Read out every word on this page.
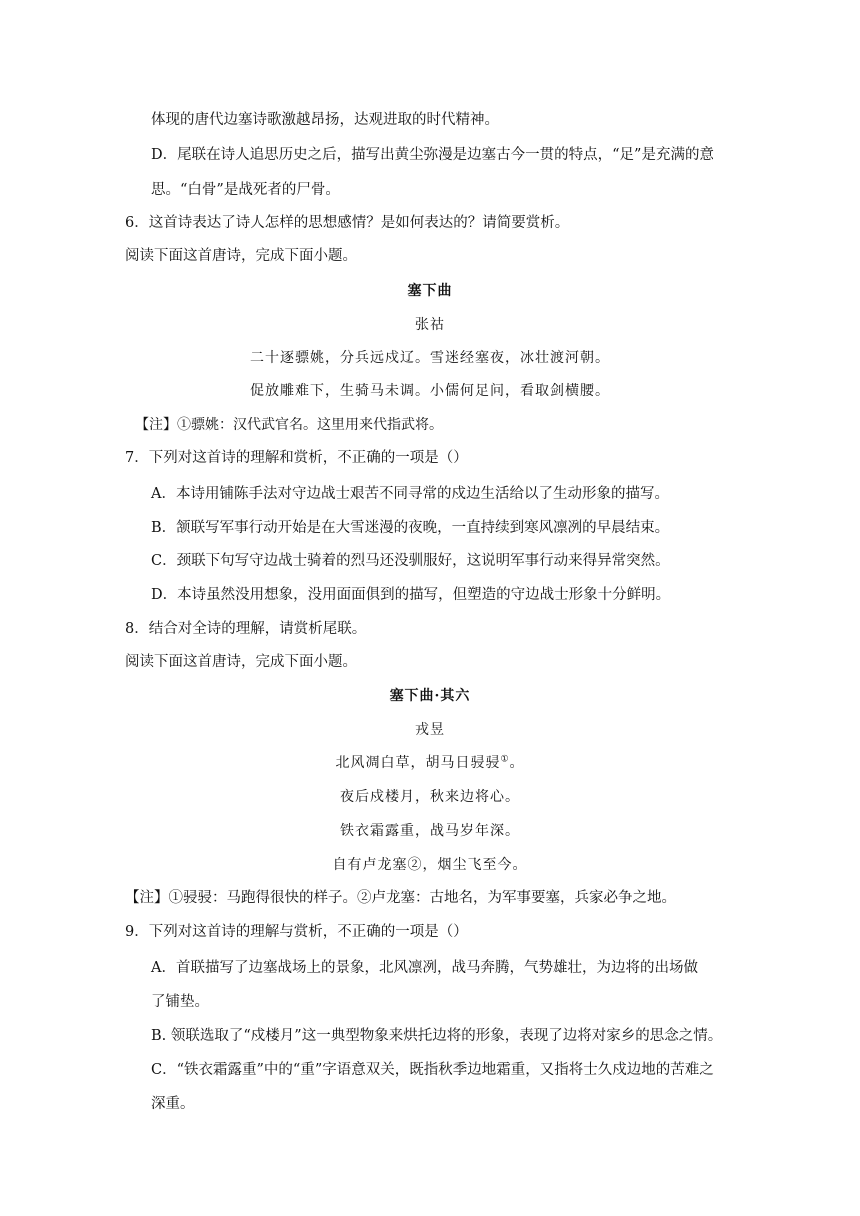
体现的唐代边塞诗歌激越昂扬，达观进取的时代精神。
D．尾联在诗人追思历史之后，描写出黄尘弥漫是边塞古今一贯的特点，“足”是充满的意
思。“白骨”是战死者的尸骨。
6．这首诗表达了诗人怎样的思想感情？是如何表达的？请简要赏析。
阅读下面这首唐诗，完成下面小题。
塞下曲
张祜
二十逐骠姚，分兵远戍辽。雪迷经塞夜，冰壮渡河朝。
促放雕难下，生骑马未调。小儒何足问，看取剑横腰。
【注】①骠姚：汉代武官名。这里用来代指武将。
7．下列对这首诗的理解和赏析，不正确的一项是（）
A．本诗用铺陈手法对守边战士艰苦不同寻常的戍边生活给以了生动形象的描写。
B．颔联写军事行动开始是在大雪迷漫的夜晚，一直持续到寒风凛冽的早晨结束。
C．颈联下句写守边战士骑着的烈马还没驯服好，这说明军事行动来得异常突然。
D．本诗虽然没用想象，没用面面俱到的描写，但塑造的守边战士形象十分鲜明。
8．结合对全诗的理解，请赏析尾联。
阅读下面这首唐诗，完成下面小题。
塞下曲·其六
戎昱
北风凋白草，胡马日骎骎①。
夜后戍楼月，秋来边将心。
铁衣霜露重，战马岁年深。
自有卢龙塞②，烟尘飞至今。
【注】①骎骎：马跑得很快的样子。②卢龙塞：古地名，为军事要塞，兵家必争之地。
9．下列对这首诗的理解与赏析，不正确的一项是（）
A．首联描写了边塞战场上的景象，北风凛冽，战马奔腾，气势雄壮，为边将的出场做
了铺垫。
B. 领联选取了“戍楼月”这一典型物象来烘托边将的形象，表现了边将对家乡的思念之情。
C．“铁衣霜露重”中的“重”字语意双关，既指秋季边地霜重，又指将士久戍边地的苦难之
深重。
